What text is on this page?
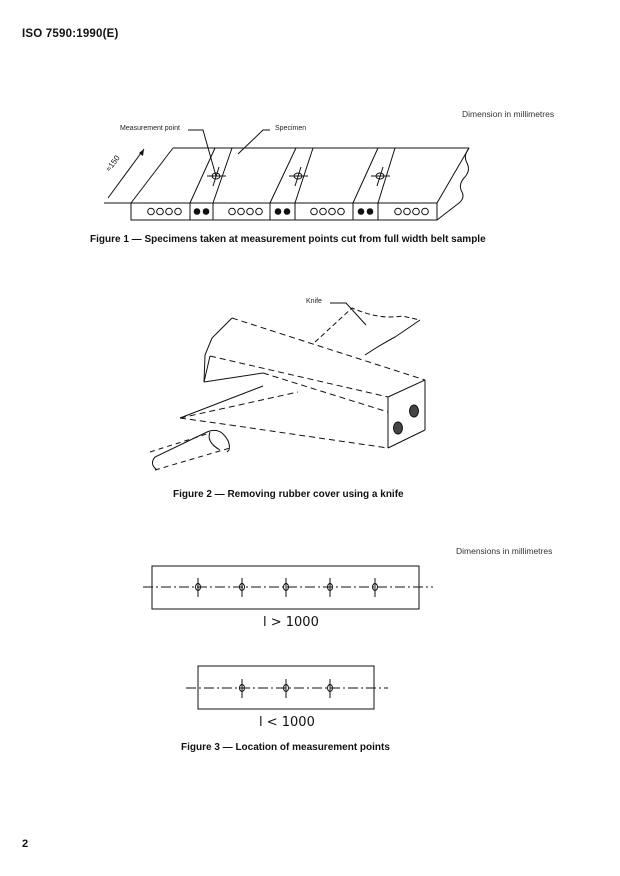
ISO 7590:1990(E)
Dimension in millimetres
Measurement point	Specimen
≈150
Figure 1 — Specimens taken at measurement points cut from full width belt sample
Knife
Figure 2 — Removing rubber cover using a knife
Dimensions in millimetres
l > 1000
l < 1000
Figure 3 — Location of measurement points
2
